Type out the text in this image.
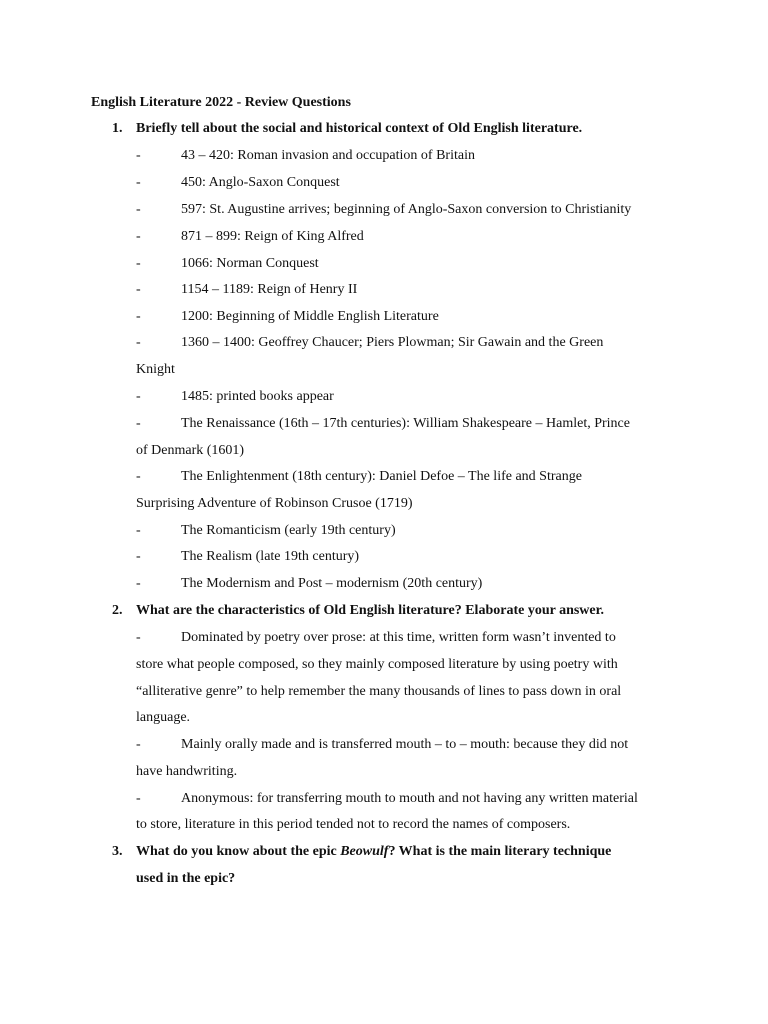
English Literature 2022 - Review Questions
1. Briefly tell about the social and historical context of Old English literature.
-	43 – 420: Roman invasion and occupation of Britain
-	450: Anglo-Saxon Conquest
-	597: St. Augustine arrives; beginning of Anglo-Saxon conversion to Christianity
-	871 – 899: Reign of King Alfred
-	1066: Norman Conquest
-	1154 – 1189: Reign of Henry II
-	1200: Beginning of Middle English Literature
-	1360 – 1400: Geoffrey Chaucer; Piers Plowman; Sir Gawain and the Green
Knight
-	1485: printed books appear
-	The Renaissance (16th – 17th centuries): William Shakespeare – Hamlet, Prince
of Denmark (1601)
-	The Enlightenment (18th century): Daniel Defoe – The life and Strange
Surprising Adventure of Robinson Crusoe (1719)
-	The Romanticism (early 19th century)
-	The Realism (late 19th century)
-	The Modernism and Post – modernism (20th century)
2. What are the characteristics of Old English literature? Elaborate your answer.
-	Dominated by poetry over prose: at this time, written form wasn’t invented to
store what people composed, so they mainly composed literature by using poetry with
“alliterative genre” to help remember the many thousands of lines to pass down in oral
language.
-	Mainly orally made and is transferred mouth – to – mouth: because they did not
have handwriting.
-	Anonymous: for transferring mouth to mouth and not having any written material
to store, literature in this period tended not to record the names of composers.
3. What do you know about the epic Beowulf? What is the main literary technique
used in the epic?
